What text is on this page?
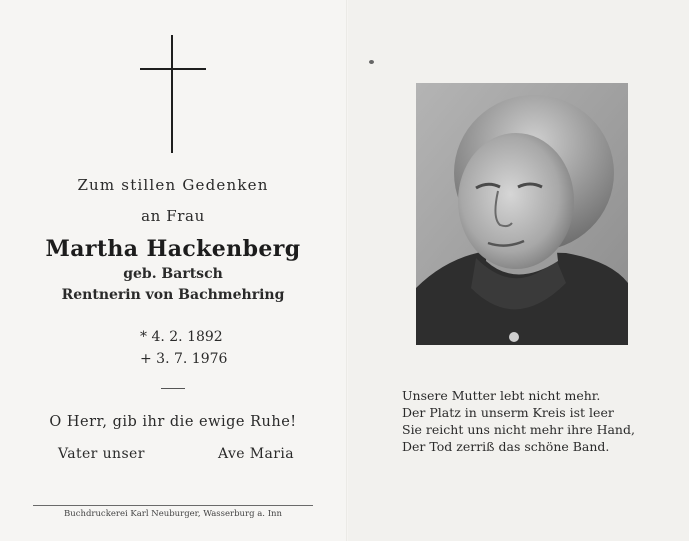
Zum stillen Gedenken
an Frau
Martha Hackenberg
geb. Bartsch
Rentnerin von Bachmehring
* 4. 2. 1892
+ 3. 7. 1976
O Herr, gib ihr die ewige Ruhe!
Vater unser	Ave Maria
Buchdruckerei Karl Neuburger, Wasserburg a. Inn
Unsere Mutter lebt nicht mehr.
Der Platz in unserm Kreis ist leer
Sie reicht uns nicht mehr ihre Hand,
Der Tod zerriß das schöne Band.
